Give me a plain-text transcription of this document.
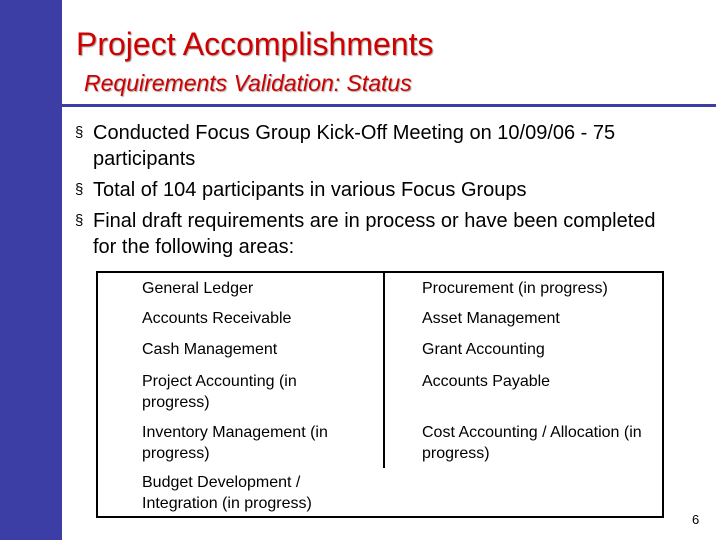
Project Accomplishments
Requirements Validation: Status
§ Conducted Focus Group Kick-Off Meeting on 10/09/06 - 75 participants
§ Total of 104 participants in various Focus Groups
§ Final draft requirements are in process or have been completed for the following areas:
General Ledger
Accounts Receivable
Cash Management
Project Accounting (in progress)
Inventory Management (in progress)
Budget Development / Integration (in progress)
Procurement (in progress)
Asset Management
Grant Accounting
Accounts Payable
Cost Accounting / Allocation (in progress)
6
